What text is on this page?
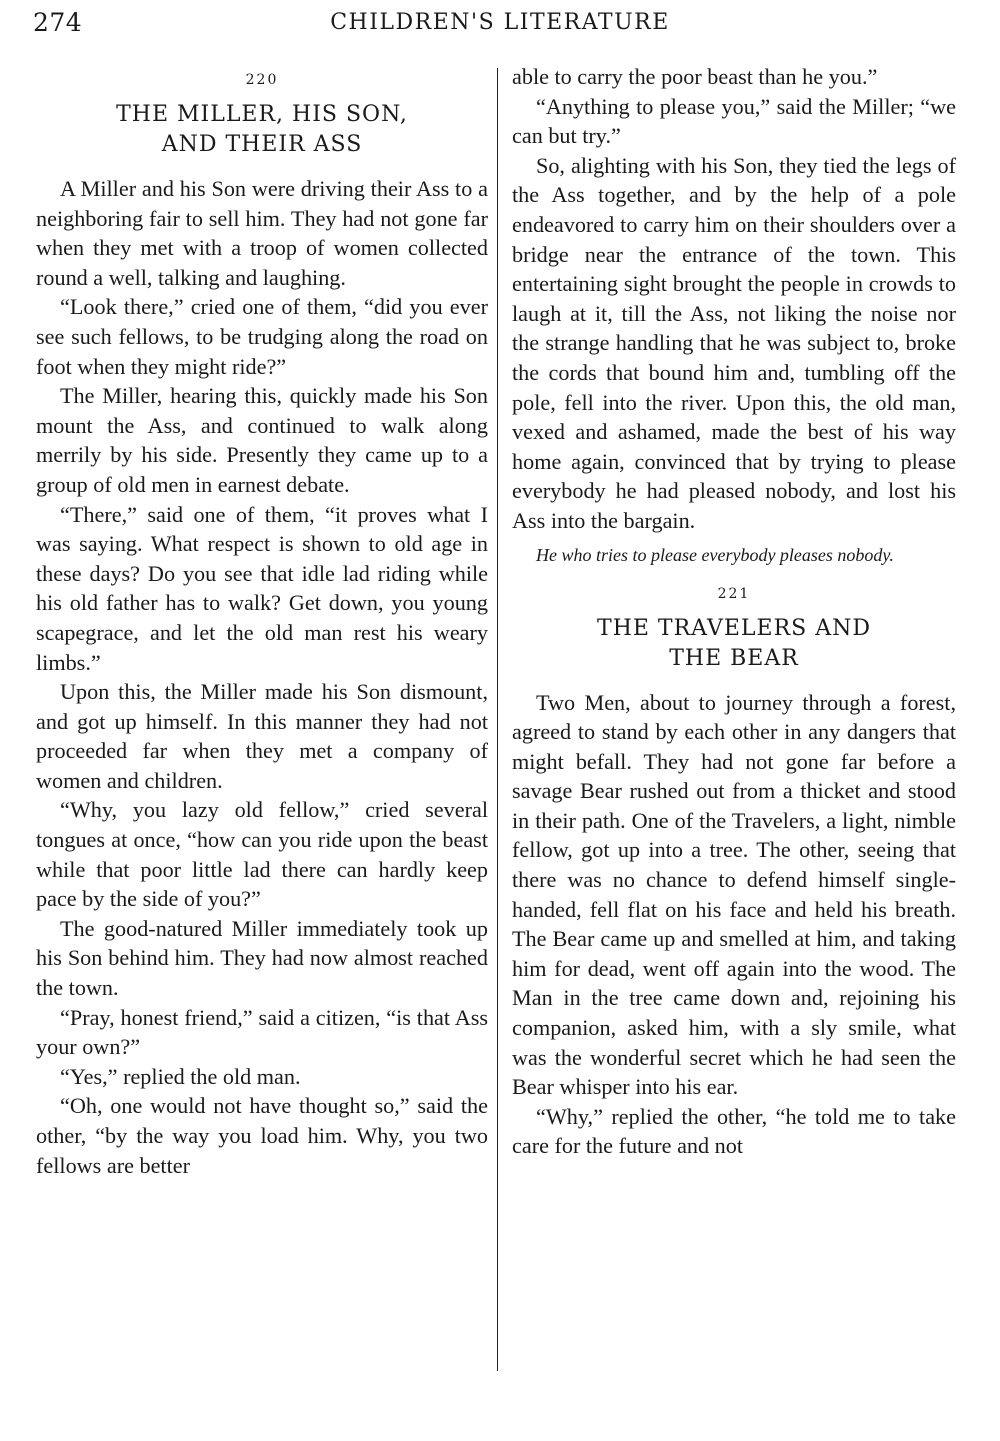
274	CHILDREN'S LITERATURE
220
THE MILLER, HIS SON,
AND THEIR ASS

A Miller and his Son were driving their Ass to a neighboring fair to sell him. They had not gone far when they met with a troop of women collected round a well, talking and laughing.

“Look there,” cried one of them, “did you ever see such fellows, to be trudging along the road on foot when they might ride?”

The Miller, hearing this, quickly made his Son mount the Ass, and continued to walk along merrily by his side. Presently they came up to a group of old men in earnest debate.

“There,” said one of them, “it proves what I was saying. What respect is shown to old age in these days? Do you see that idle lad riding while his old father has to walk? Get down, you young scapegrace, and let the old man rest his weary limbs.”

Upon this, the Miller made his Son dismount, and got up himself. In this manner they had not proceeded far when they met a company of women and children.

“Why, you lazy old fellow,” cried several tongues at once, “how can you ride upon the beast while that poor little lad there can hardly keep pace by the side of you?”

The good-natured Miller immediately took up his Son behind him. They had now almost reached the town.

“Pray, honest friend,” said a citizen, “is that Ass your own?”

“Yes,” replied the old man.

“Oh, one would not have thought so,” said the other, “by the way you load him. Why, you two fellows are better

able to carry the poor beast than he you.”

“Anything to please you,” said the Miller; “we can but try.”

So, alighting with his Son, they tied the legs of the Ass together, and by the help of a pole endeavored to carry him on their shoulders over a bridge near the entrance of the town. This entertaining sight brought the people in crowds to laugh at it, till the Ass, not liking the noise nor the strange handling that he was subject to, broke the cords that bound him and, tumbling off the pole, fell into the river. Upon this, the old man, vexed and ashamed, made the best of his way home again, convinced that by trying to please everybody he had pleased nobody, and lost his Ass into the bargain.

He who tries to please everybody pleases nobody.

221
THE TRAVELERS AND
THE BEAR

Two Men, about to journey through a forest, agreed to stand by each other in any dangers that might befall. They had not gone far before a savage Bear rushed out from a thicket and stood in their path. One of the Travelers, a light, nimble fellow, got up into a tree. The other, seeing that there was no chance to defend himself single-handed, fell flat on his face and held his breath. The Bear came up and smelled at him, and taking him for dead, went off again into the wood. The Man in the tree came down and, rejoining his companion, asked him, with a sly smile, what was the wonderful secret which he had seen the Bear whisper into his ear.

“Why,” replied the other, “he told me to take care for the future and not
